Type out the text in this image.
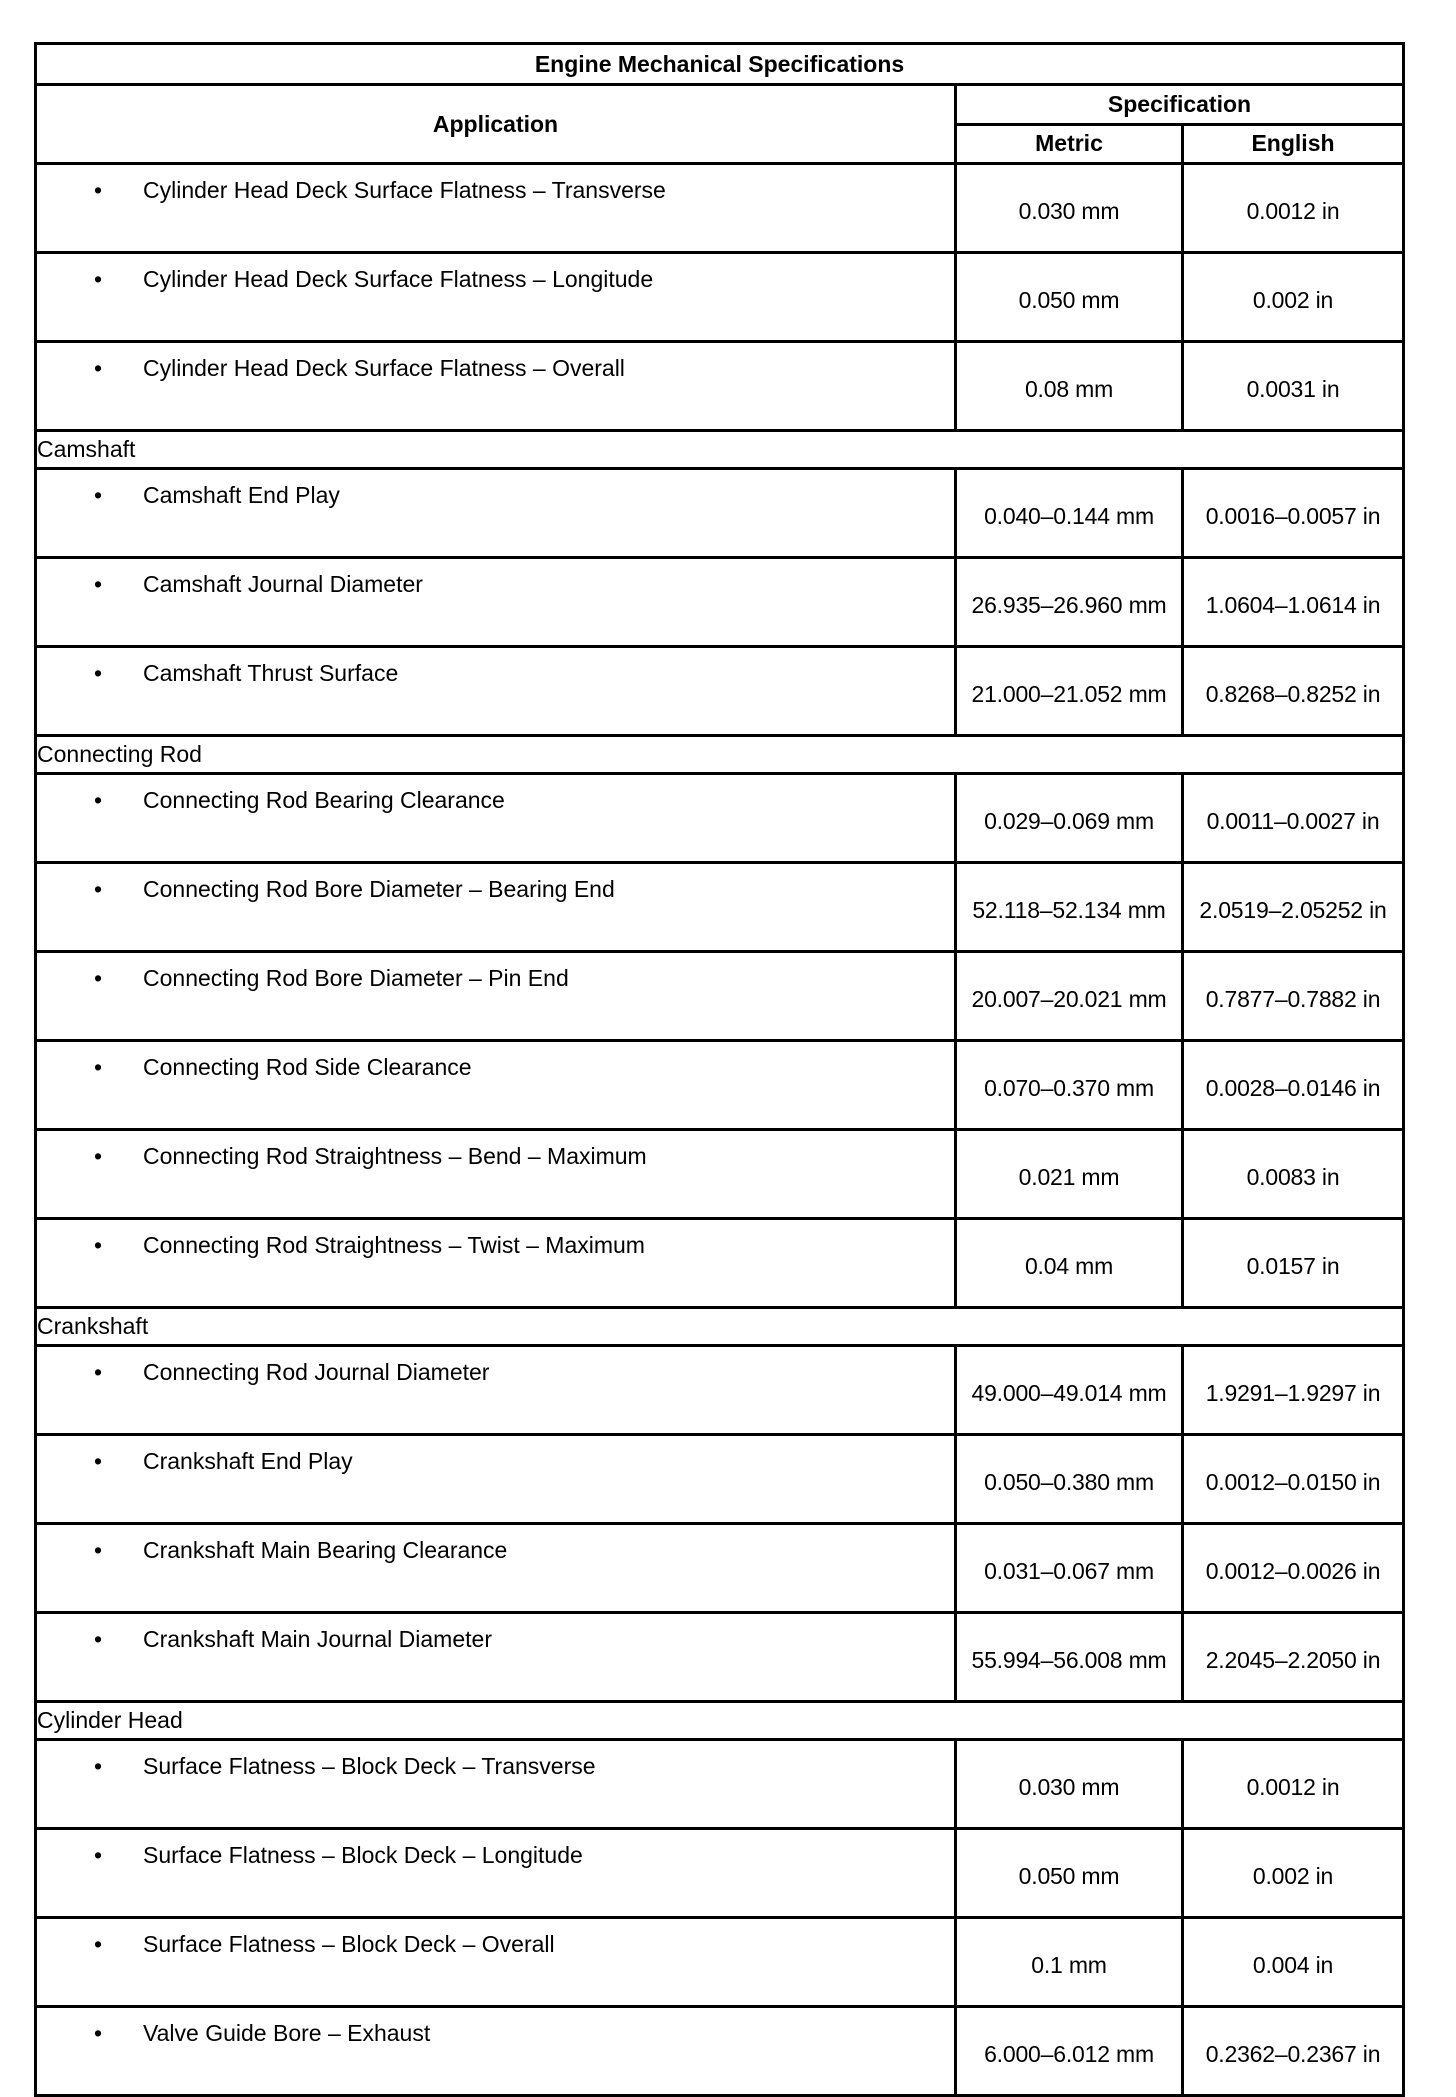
Engine Mechanical Specifications		
Application	Specification	
	Metric	English

• Cylinder Head Deck Surface Flatness – Transverse	0.030 mm	0.0012 in

• Cylinder Head Deck Surface Flatness – Longitude	0.050 mm	0.002 in

• Cylinder Head Deck Surface Flatness – Overall	0.08 mm	0.0031 in
Camshaft		

• Camshaft End Play	0.040–0.144 mm	0.0016–0.0057 in

• Camshaft Journal Diameter	26.935–26.960 mm	1.0604–1.0614 in

• Camshaft Thrust Surface	21.000–21.052 mm	0.8268–0.8252 in
Connecting Rod		

• Connecting Rod Bearing Clearance	0.029–0.069 mm	0.0011–0.0027 in

• Connecting Rod Bore Diameter – Bearing End	52.118–52.134 mm	2.0519–2.05252 in

• Connecting Rod Bore Diameter – Pin End	20.007–20.021 mm	0.7877–0.7882 in

• Connecting Rod Side Clearance	0.070–0.370 mm	0.0028–0.0146 in

• Connecting Rod Straightness – Bend – Maximum	0.021 mm	0.0083 in

• Connecting Rod Straightness – Twist – Maximum	0.04 mm	0.0157 in
Crankshaft		

• Connecting Rod Journal Diameter	49.000–49.014 mm	1.9291–1.9297 in

• Crankshaft End Play	0.050–0.380 mm	0.0012–0.0150 in

• Crankshaft Main Bearing Clearance	0.031–0.067 mm	0.0012–0.0026 in

• Crankshaft Main Journal Diameter	55.994–56.008 mm	2.2045–2.2050 in
Cylinder Head		

• Surface Flatness – Block Deck – Transverse	0.030 mm	0.0012 in

• Surface Flatness – Block Deck – Longitude	0.050 mm	0.002 in

• Surface Flatness – Block Deck – Overall	0.1 mm	0.004 in

• Valve Guide Bore – Exhaust	6.000–6.012 mm	0.2362–0.2367 in
